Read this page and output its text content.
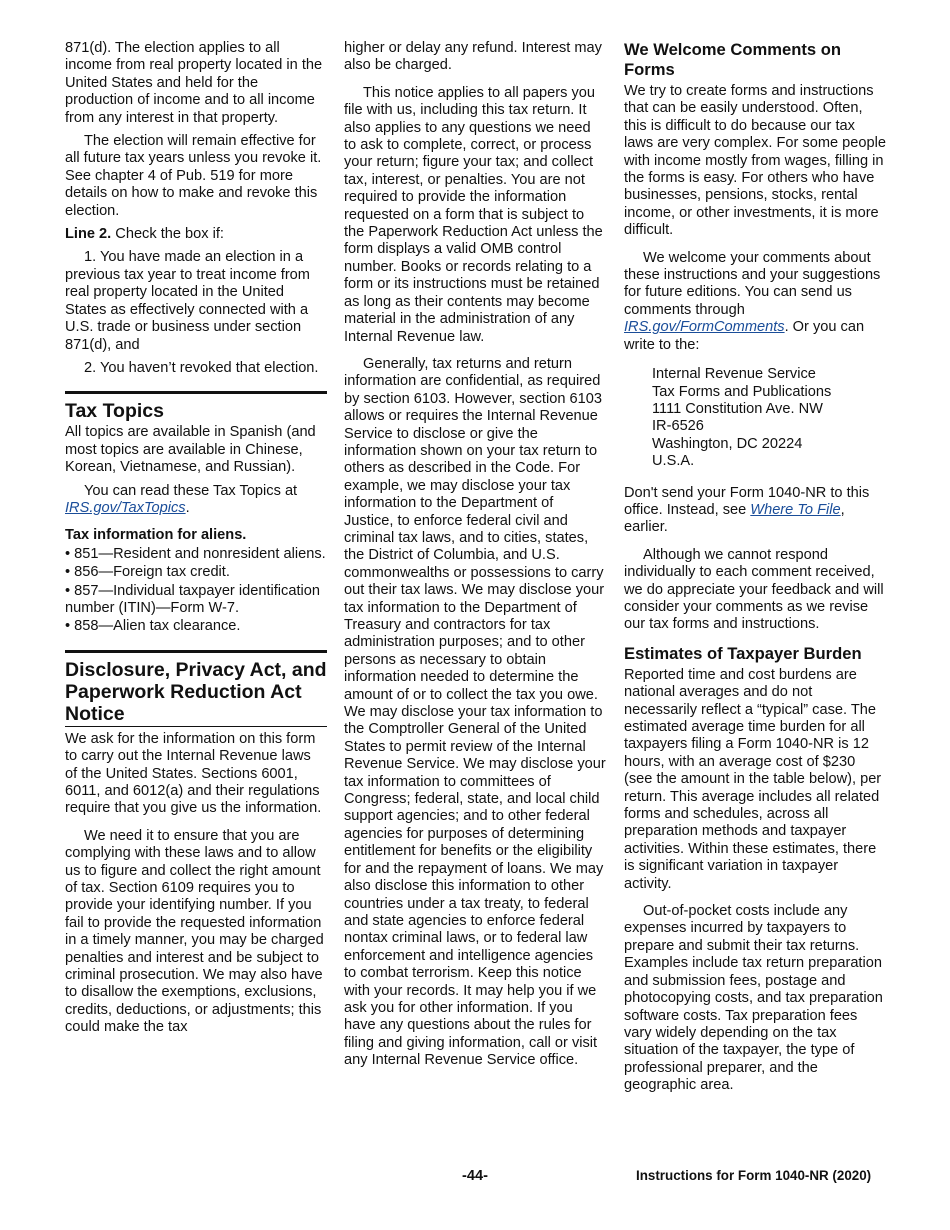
871(d). The election applies to all income from real property located in the United States and held for the production of income and to all income from any interest in that property.

The election will remain effective for all future tax years unless you revoke it. See chapter 4 of Pub. 519 for more details on how to make and revoke this election.

Line 2. Check the box if:

1. You have made an election in a previous tax year to treat income from real property located in the United States as effectively connected with a U.S. trade or business under section 871(d), and

2. You haven’t revoked that election.

Tax Topics

All topics are available in Spanish (and most topics are available in Chinese, Korean, Vietnamese, and Russian).

You can read these Tax Topics at IRS.gov/TaxTopics.

Tax information for aliens.
• 851—Resident and nonresident aliens.
• 856—Foreign tax credit.
• 857—Individual taxpayer identification number (ITIN)—Form W-7.
• 858—Alien tax clearance.
Disclosure, Privacy Act, and Paperwork Reduction Act Notice

We ask for the information on this form to carry out the Internal Revenue laws of the United States. Sections 6001, 6011, and 6012(a) and their regulations require that you give us the information.

We need it to ensure that you are complying with these laws and to allow us to figure and collect the right amount of tax. Section 6109 requires you to provide your identifying number. If you fail to provide the requested information in a timely manner, you may be charged penalties and interest and be subject to criminal prosecution. We may also have to disallow the exemptions, exclusions, credits, deductions, or adjustments; this could make the tax

higher or delay any refund. Interest may also be charged.

This notice applies to all papers you file with us, including this tax return. It also applies to any questions we need to ask to complete, correct, or process your return; figure your tax; and collect tax, interest, or penalties. You are not required to provide the information requested on a form that is subject to the Paperwork Reduction Act unless the form displays a valid OMB control number. Books or records relating to a form or its instructions must be retained as long as their contents may become material in the administration of any Internal Revenue law.

Generally, tax returns and return information are confidential, as required by section 6103. However, section 6103 allows or requires the Internal Revenue Service to disclose or give the information shown on your tax return to others as described in the Code. For example, we may disclose your tax information to the Department of Justice, to enforce federal civil and criminal tax laws, and to cities, states, the District of Columbia, and U.S. commonwealths or possessions to carry out their tax laws. We may disclose your tax information to the Department of Treasury and contractors for tax administration purposes; and to other persons as necessary to obtain information needed to determine the amount of or to collect the tax you owe. We may disclose your tax information to the Comptroller General of the United States to permit review of the Internal Revenue Service. We may disclose your tax information to committees of Congress; federal, state, and local child support agencies; and to other federal agencies for purposes of determining entitlement for benefits or the eligibility for and the repayment of loans. We may also disclose this information to other countries under a tax treaty, to federal and state agencies to enforce federal nontax criminal laws, or to federal law enforcement and intelligence agencies to combat terrorism. Keep this notice with your records. It may help you if we ask you for other information. If you have any questions about the rules for filing and giving information, call or visit any Internal Revenue Service office.

We Welcome Comments on Forms

We try to create forms and instructions that can be easily understood. Often, this is difficult to do because our tax laws are very complex. For some people with income mostly from wages, filling in the forms is easy. For others who have businesses, pensions, stocks, rental income, or other investments, it is more difficult.

We welcome your comments about these instructions and your suggestions for future editions. You can send us comments through IRS.gov/FormComments. Or you can write to the:

Internal Revenue Service
Tax Forms and Publications
1111 Constitution Ave. NW
IR-6526
Washington, DC 20224
U.S.A.

Don't send your Form 1040-NR to this office. Instead, see Where To File, earlier.

Although we cannot respond individually to each comment received, we do appreciate your feedback and will consider your comments as we revise our tax forms and instructions.

Estimates of Taxpayer Burden

Reported time and cost burdens are national averages and do not necessarily reflect a “typical” case. The estimated average time burden for all taxpayers filing a Form 1040-NR is 12 hours, with an average cost of $230 (see the amount in the table below), per return. This average includes all related forms and schedules, across all preparation methods and taxpayer activities. Within these estimates, there is significant variation in taxpayer activity.

Out-of-pocket costs include any expenses incurred by taxpayers to prepare and submit their tax returns. Examples include tax return preparation and submission fees, postage and photocopying costs, and tax preparation software costs. Tax preparation fees vary widely depending on the tax situation of the taxpayer, the type of professional preparer, and the geographic area.

-44-	Instructions for Form 1040-NR (2020)
